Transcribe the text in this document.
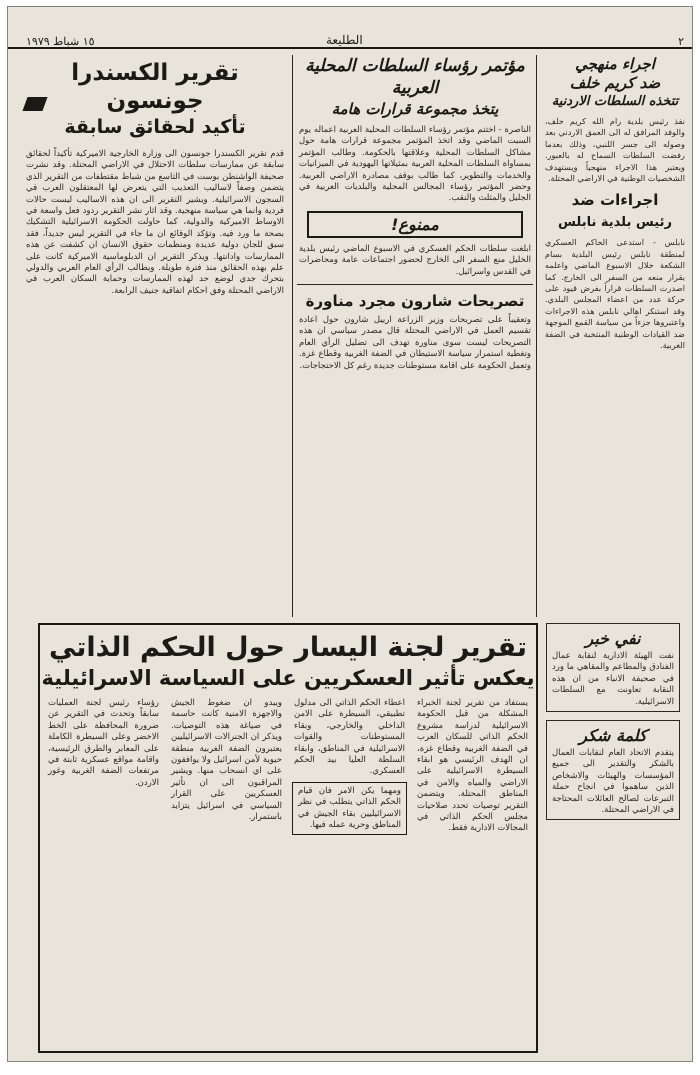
١٥ شباط ١٩٧٩	الطليعة	٢

تقرير الكسندرا جونسون

تأكيد لحقائق سابقة

قدم تقرير الكسندرا جونسون الى وزارة الخارجية الاميركية تأكيداً لحقائق سابقة عن ممارسات سلطات الاحتلال في الاراضي المحتلة. وقد نشرت صحيفة الواشنطن بوست في التاسع من شباط مقتطفات من التقرير الذي يتضمن وصفاً لاساليب التعذيب التي يتعرض لها المعتقلون العرب في السجون الاسرائيلية. ويشير التقرير الى ان هذه الاساليب ليست حالات فردية وانما هي سياسة منهجية. وقد اثار نشر التقرير ردود فعل واسعة في الاوساط الاميركية والدولية، كما حاولت الحكومة الاسرائيلية التشكيك بصحة ما ورد فيه. وتؤكد الوقائع ان ما جاء في التقرير ليس جديداً، فقد سبق للجان دولية عديدة ومنظمات حقوق الانسان ان كشفت عن هذه الممارسات وادانتها. ويذكر التقرير ان الدبلوماسية الاميركية كانت على علم بهذه الحقائق منذ فترة طويلة. ويطالب الرأي العام العربي والدولي بتحرك جدي لوضع حد لهذه الممارسات وحماية السكان العرب في الاراضي المحتلة وفق احكام اتفاقية جنيف الرابعة.

مؤتمر رؤساء السلطات المحلية العربية

يتخذ مجموعة قرارات هامة

الناصرة - اختتم مؤتمر رؤساء السلطات المحلية العربية اعماله يوم السبت الماضي وقد اتخذ المؤتمر مجموعة قرارات هامة حول مشاكل السلطات المحلية وعلاقتها بالحكومة. وطالب المؤتمر بمساواة السلطات المحلية العربية بمثيلاتها اليهودية في الميزانيات والخدمات والتطوير، كما طالب بوقف مصادرة الاراضي العربية. وحضر المؤتمر رؤساء المجالس المحلية والبلديات العربية في الجليل والمثلث والنقب.

ممنوع!

ابلغت سلطات الحكم العسكري في الاسبوع الماضي رئيس بلدية الخليل منع السفر الى الخارج لحضور اجتماعات عامة ومحاضرات في القدس واسرائيل.

تصريحات شارون مجرد مناورة

وتعقيباً على تصريحات وزير الزراعة ارييل شارون حول اعادة تقسيم العمل في الاراضي المحتلة قال مصدر سياسي ان هذه التصريحات ليست سوى مناورة تهدف الى تضليل الرأي العام وتغطية استمرار سياسة الاستيطان في الضفة الغربية وقطاع غزة. وتعمل الحكومة على اقامة مستوطنات جديدة رغم كل الاحتجاجات.

اجراء منهجي

ضد كريم خلف

تتخذه السلطات الاردنية

نفذ رئيس بلدية رام الله كريم خلف، والوفد المرافق له الى العمق الاردني بعد وصوله الى جسر اللنبي، وذلك بعدما رفضت السلطات السماح له بالعبور. ويعتبر هذا الاجراء منهجياً ويستهدف الشخصيات الوطنية في الاراضي المحتلة.

اجراءات ضد

رئيس بلدية نابلس

نابلس - استدعى الحاكم العسكري لمنطقة نابلس رئيس البلدية بسام الشكعة خلال الاسبوع الماضي واعلمه بقرار منعه من السفر الى الخارج. كما اصدرت السلطات قراراً بفرض قيود على حركة عدد من اعضاء المجلس البلدي. وقد استنكر اهالي نابلس هذه الاجراءات واعتبروها جزءاً من سياسة القمع الموجهة ضد القيادات الوطنية المنتخبة في الضفة الغربية.

تقرير لجنة اليسار حول الحكم الذاتي

يعكس تأثير العسكريين على السياسة الاسرائيلية

يستفاد من تقرير لجنة الخبراء المشكلة من قبل الحكومة الاسرائيلية لدراسة مشروع الحكم الذاتي للسكان العرب في الضفة الغربية وقطاع غزة، ان الهدف الرئيسي هو ابقاء السيطرة الاسرائيلية على الاراضي والمياه والامن في المناطق المحتلة. ويتضمن التقرير توصيات تحدد صلاحيات مجلس الحكم الذاتي في المجالات الادارية فقط.

اعطاء الحكم الذاتي الى مدلول تطبيقي، السيطرة على الامن الداخلي والخارجي، وبقاء المستوطنات والقوات الاسرائيلية في المناطق، وابقاء السلطة العليا بيد الحكم العسكري.

ومهما يكن الامر فان قيام الحكم الذاتي يتطلب في نظر الاسرائيليين بقاء الجيش في المناطق وحرية عمله فيها.

ويبدو ان ضغوط الجيش والاجهزة الامنية كانت حاسمة في صياغة هذه التوصيات. ويذكر ان الجنرالات الاسرائيليين يعتبرون الضفة الغربية منطقة حيوية لأمن اسرائيل ولا يوافقون على اي انسحاب منها. ويشير المراقبون الى ان تأثير العسكريين على القرار السياسي في اسرائيل يتزايد باستمرار.

رؤساء رئيس لجنة العمليات سابقاً وتحدث في التقرير عن ضرورة المحافظة على الخط الاخضر وعلى السيطرة الكاملة على المعابر والطرق الرئيسية، واقامة مواقع عسكرية ثابتة في مرتفعات الضفة الغربية وغور الاردن.

نفي خبر

نفت الهيئة الادارية لنقابة عمال الفنادق والمطاعم والمقاهي ما ورد في صحيفة الانباء من ان هذه النقابة تعاونت مع السلطات الاسرائيلية.

كلمة شكر

يتقدم الاتحاد العام لنقابات العمال بالشكر والتقدير الى جميع المؤسسات والهيئات والاشخاص الذين ساهموا في انجاح حملة التبرعات لصالح العائلات المحتاجة في الاراضي المحتلة.
